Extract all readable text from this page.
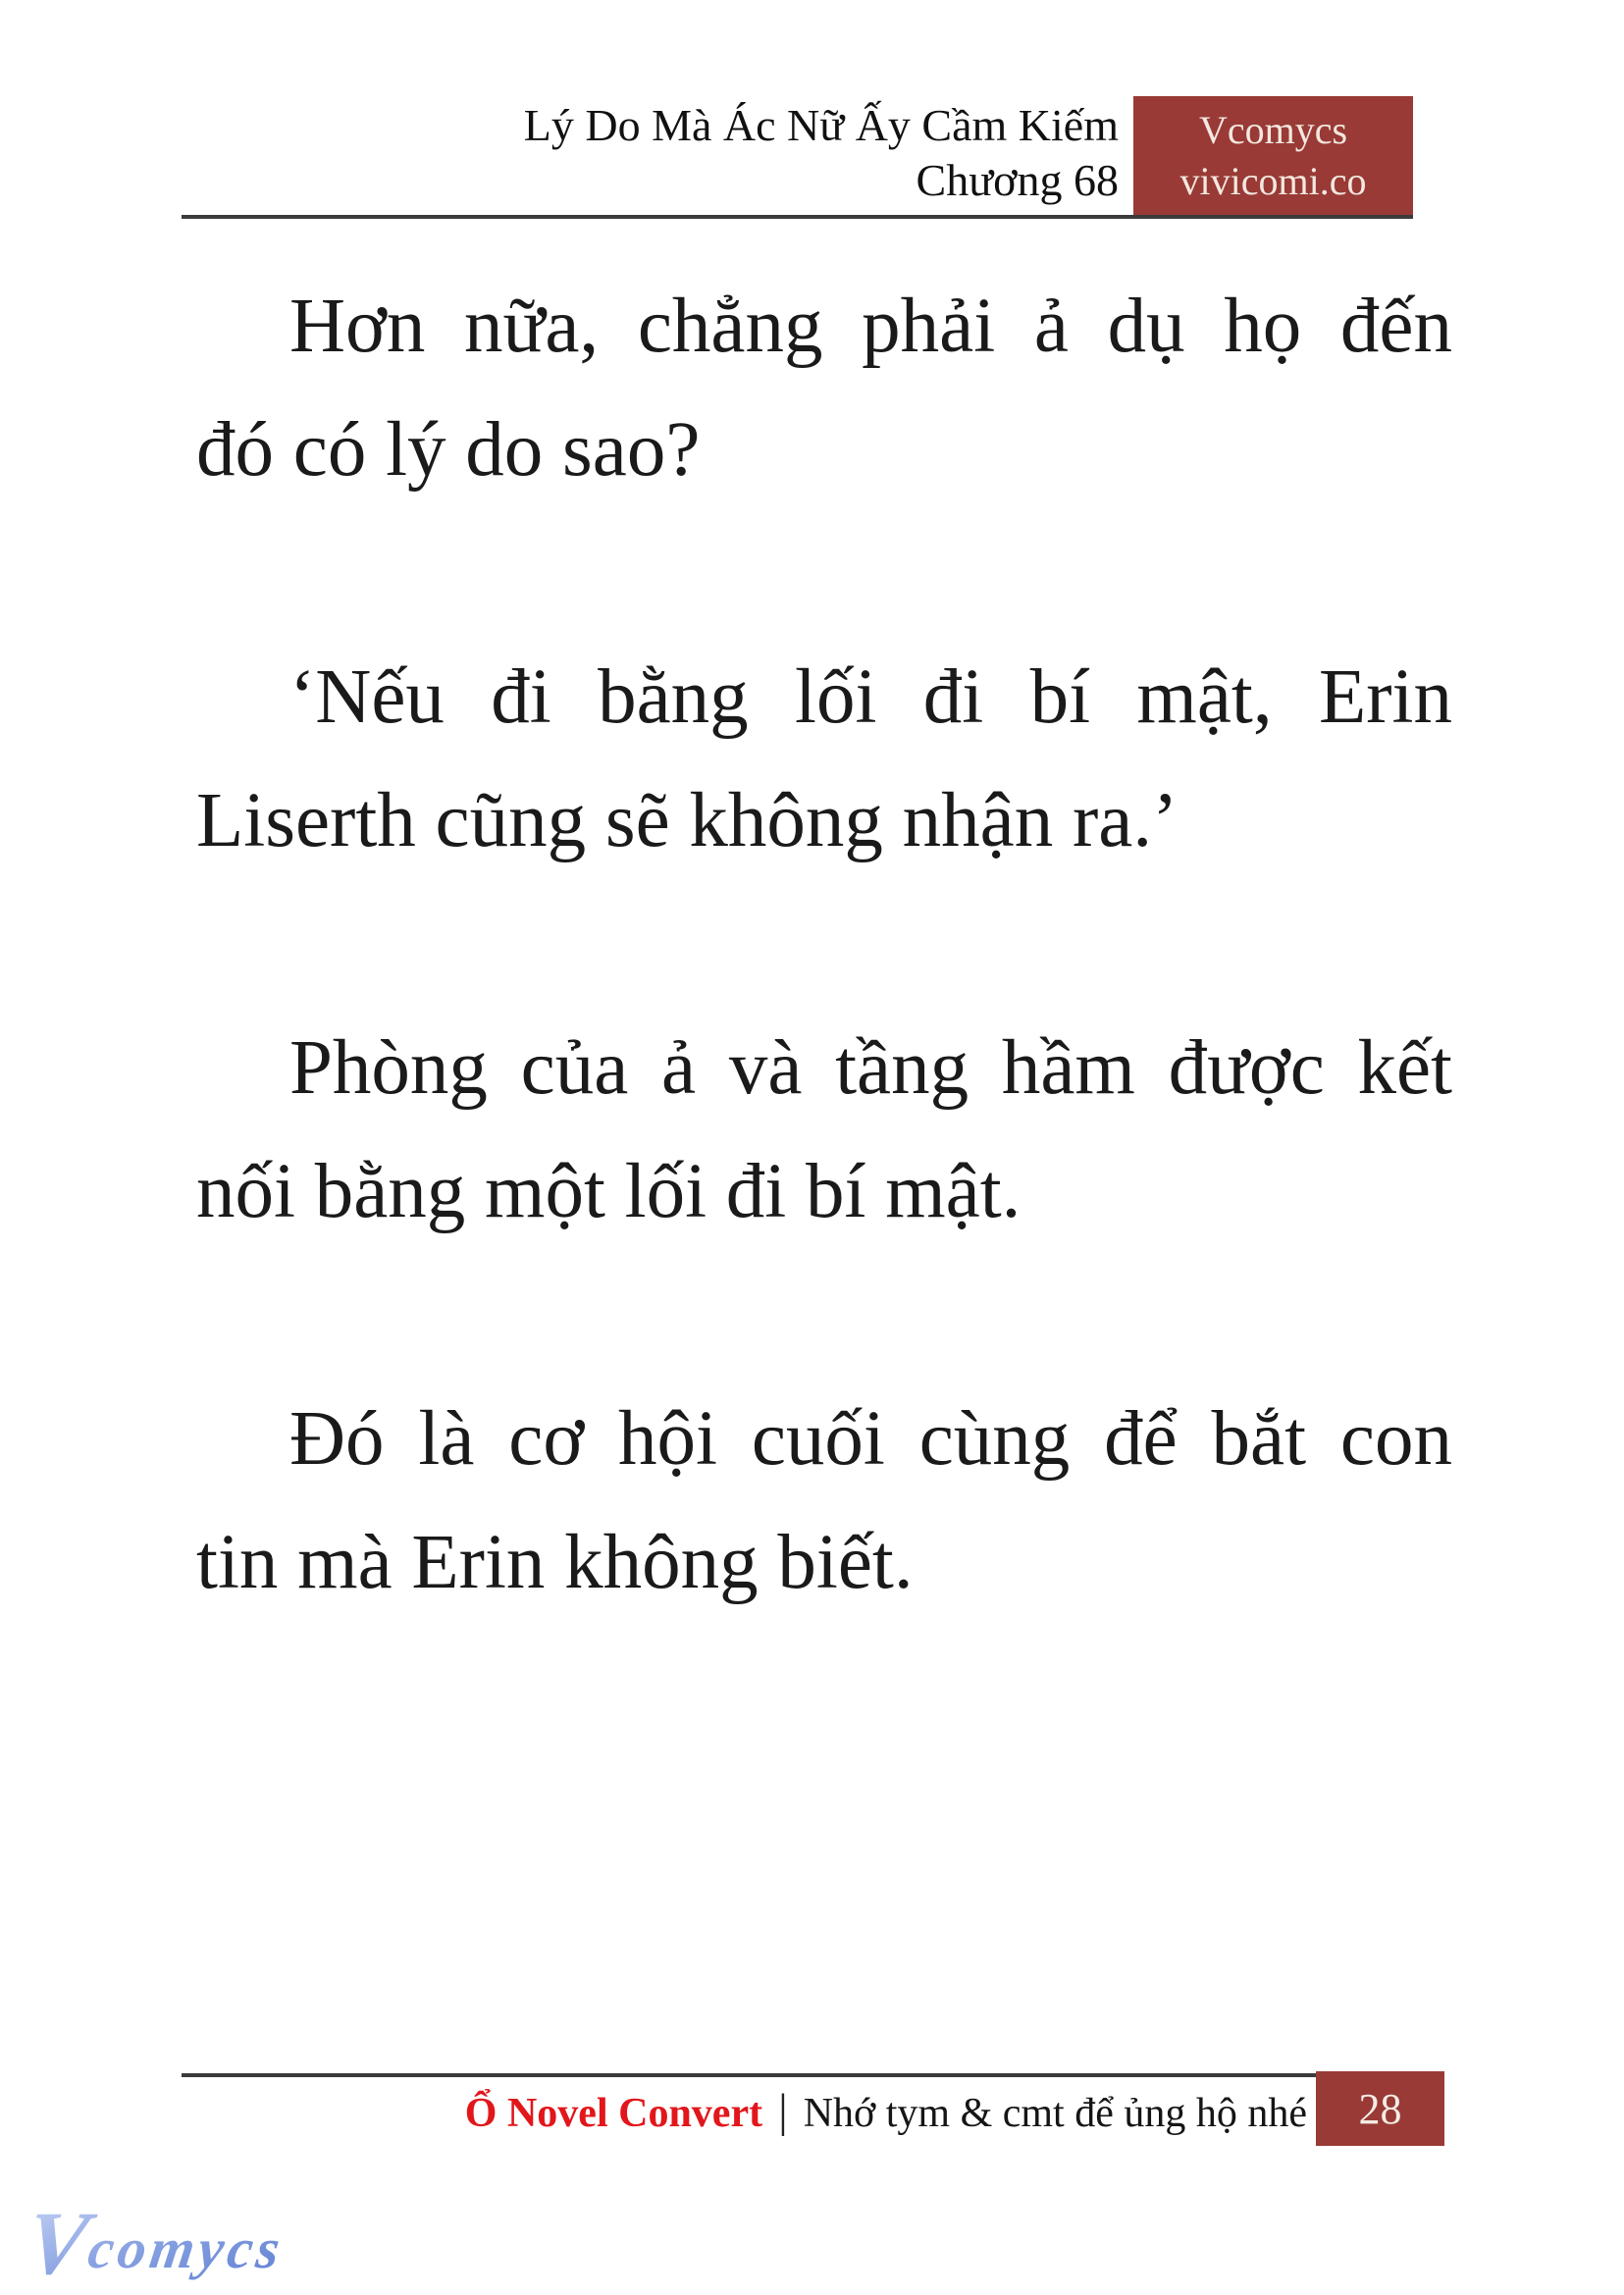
Lý Do Mà Ác Nữ Ấy Cầm Kiếm
Chương 68
Vcomycs
vivicomi.co
Hơn nữa, chẳng phải ả dụ họ đến
đó có lý do sao?
‘Nếu đi bằng lối đi bí mật, Erin
Liserth cũng sẽ không nhận ra.’
Phòng của ả và tầng hầm được kết
nối bằng một lối đi bí mật.
Đó là cơ hội cuối cùng để bắt con
tin mà Erin không biết.
Ổ Novel Convert | Nhớ tym & cmt để ủng hộ nhé 28
Vcomycs
